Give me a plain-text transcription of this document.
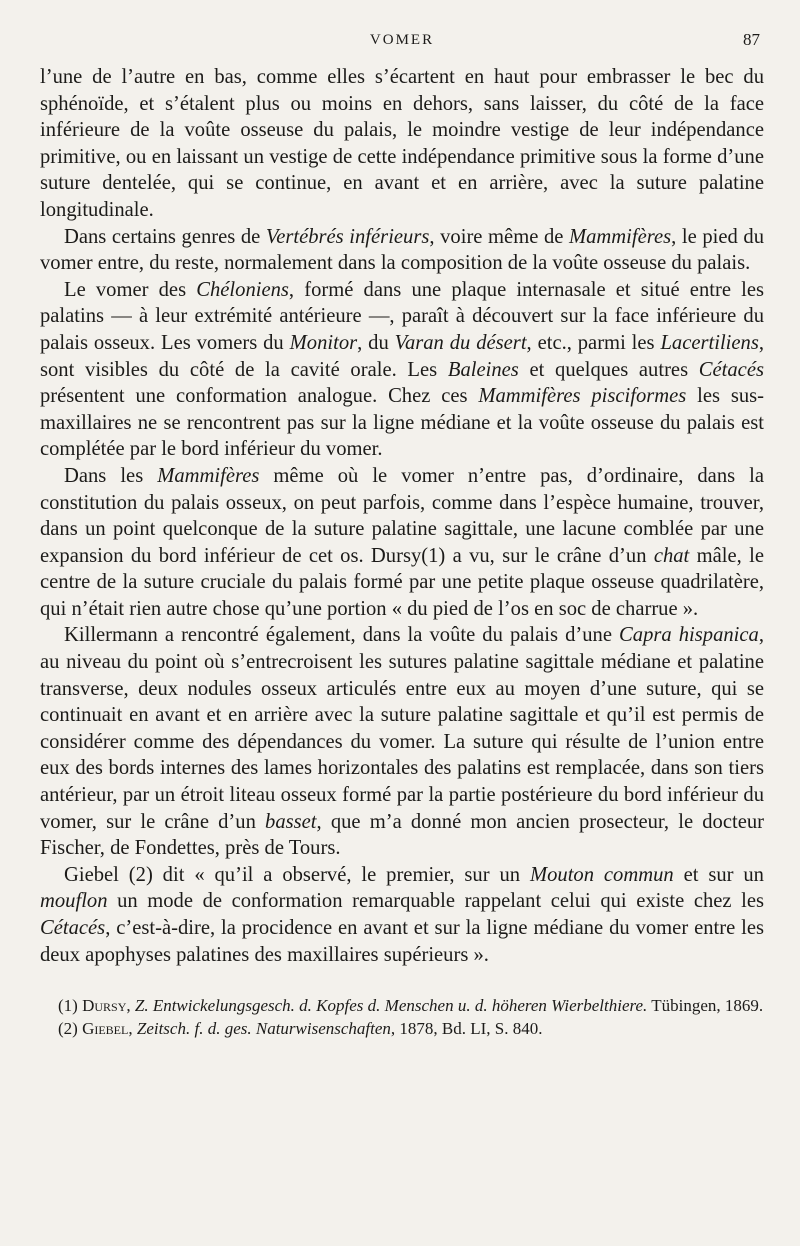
VOMER	87

l’une de l’autre en bas, comme elles s’écartent en haut pour embrasser le bec du sphénoïde, et s’étalent plus ou moins en dehors, sans laisser, du côté de la face inférieure de la voûte osseuse du palais, le moindre vestige de leur indépendance primitive, ou en laissant un vestige de cette indépendance primitive sous la forme d’une suture dentelée, qui se continue, en avant et en arrière, avec la suture palatine longitudinale.

Dans certains genres de Vertébrés inférieurs, voire même de Mammifères, le pied du vomer entre, du reste, normalement dans la composition de la voûte osseuse du palais.

Le vomer des Chéloniens, formé dans une plaque internasale et situé entre les palatins — à leur extrémité antérieure —, paraît à découvert sur la face inférieure du palais osseux. Les vomers du Monitor, du Varan du désert, etc., parmi les Lacertiliens, sont visibles du côté de la cavité orale. Les Baleines et quelques autres Cétacés présentent une conformation analogue. Chez ces Mammifères pisciformes les sus-maxillaires ne se rencontrent pas sur la ligne médiane et la voûte osseuse du palais est complétée par le bord inférieur du vomer.

Dans les Mammifères même où le vomer n’entre pas, d’ordinaire, dans la constitution du palais osseux, on peut parfois, comme dans l’espèce humaine, trouver, dans un point quelconque de la suture palatine sagittale, une lacune comblée par une expansion du bord inférieur de cet os. Dursy(1) a vu, sur le crâne d’un chat mâle, le centre de la suture cruciale du palais formé par une petite plaque osseuse quadrilatère, qui n’était rien autre chose qu’une portion « du pied de l’os en soc de charrue ».

Killermann a rencontré également, dans la voûte du palais d’une Capra hispanica, au niveau du point où s’entrecroisent les sutures palatine sagittale médiane et palatine transverse, deux nodules osseux articulés entre eux au moyen d’une suture, qui se continuait en avant et en arrière avec la suture palatine sagittale et qu’il est permis de considérer comme des dépendances du vomer. La suture qui résulte de l’union entre eux des bords internes des lames horizontales des palatins est remplacée, dans son tiers antérieur, par un étroit liteau osseux formé par la partie postérieure du bord inférieur du vomer, sur le crâne d’un basset, que m’a donné mon ancien prosecteur, le docteur Fischer, de Fondettes, près de Tours.

Giebel (2) dit « qu’il a observé, le premier, sur un Mouton commun et sur un mouflon un mode de conformation remarquable rappelant celui qui existe chez les Cétacés, c’est-à-dire, la procidence en avant et sur la ligne médiane du vomer entre les deux apophyses palatines des maxillaires supérieurs ».

(1) Dursy, Z. Entwickelungsgesch. d. Kopfes d. Menschen u. d. höheren Wierbelthiere. Tübingen, 1869.

(2) Giebel, Zeitsch. f. d. ges. Naturwisenschaften, 1878, Bd. LI, S. 840.
